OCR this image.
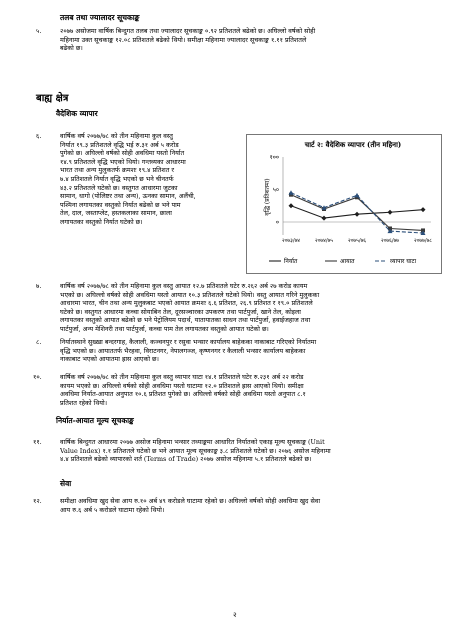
तलब तथा ज्यालादर सूचकाङ्क
५.	२०७७ असोजमा वार्षिक बिन्दुगत तलब तथा ज्यालादर सूचकाङ्क ०.९२ प्रतिशतले बढेको छ। अघिल्लो वर्षको सोही
महिनामा उक्त सूचकाङ्क १२.०८ प्रतिशतले बढेको थियो। समीक्षा महिनामा ज्यालादर सूचकाङ्क १.११ प्रतिशतले
बढेको छ।
बाह्य क्षेत्र
वैदेशिक व्यापार
६.	वार्षिक वर्ष २०७७/७८ को तीन महिनामा कुल वस्तु
निर्यात १९.३ प्रतिशतले वृद्धि भई रु.३१ अर्ब ५ करोड
पुगेको छ। अघिल्लो वर्षको सोही अवधिमा यस्तो निर्यात
१४.९ प्रतिशतले वृद्धि भएको थियो। गन्तव्यका आधारमा
भारत तथा अन्य मुलुकतर्फ क्रमशः १९.४ प्रतिशत र
७.४ प्रतिशतले निर्यात वृद्धि भएको छ भने चीनतर्फ
४३.२ प्रतिशतले घटेको छ। वस्तुगत आधारमा जुटका
सामान, धागो (पोलिष्टर तथा अन्य), ऊनका सामान, अलैंची,
पश्मिना लगायतका वस्तुको निर्यात बढेको छ भने पाम
तेल, दाल, जस्ताप्लेट, हस्तकलाका सामान, छाला
लगायतका वस्तुको निर्यात घटेको छ।
चार्ट २: वैदेशिक व्यापार (तीन महिना)
१००
५०
०
वृद्धि (प्रतिशतमा)
२०७३/७४	२०७४/७५	२०७५/७६	२०७६/७७	२०७७/७८
निर्यात	आयात	व्यापार घाटा
७.	वार्षिक वर्ष २०७७/७८ को तीन महिनामा कुल वस्तु आयात १२.७ प्रतिशतले घटेर रु.२६२ अर्ब २७ करोड कायम
भएको छ। अघिल्लो वर्षको सोही अवधिमा यस्तो आयात १०.३ प्रतिशतले घटेको थियो। वस्तु आयात गरिने मुलुकका
आधारमा भारत, चीन तथा अन्य मुलुकबाट भएको आयात क्रमशः ६.६ प्रतिशत, २६.९ प्रतिशत र १९.० प्रतिशतले
घटेको छ। वस्तुगत आधारमा कच्चा सोयाबिन तेल, दूरसञ्चारका उपकरण तथा पार्टपुर्जा, खाने तेल, कोइला
लगायतका वस्तुको आयात बढेको छ भने पेट्रोलियम पदार्थ, यातायातका साधन तथा पार्टपुर्जा, हवाईजहाज तथा
पार्टपुर्जा, अन्य मेशिनरी तथा पार्टपुर्जा, कच्चा पाम तेल लगायतका वस्तुको आयात घटेको छ।
८.	निर्यातस्थाने सुख्खा बन्दरगाह, कैलाली, कञ्चनपुर र रसुवा भन्सार कार्यालय बाहेकका नाकाबाट गरिएको निर्यातमा
वृद्धि भएको छ। आयाततर्फ भैरहवा, विराटनगर, नेपालगञ्ज, कृष्णनगर र कैलाली भन्सार कार्यालय बाहेकका
नाकाबाट भएको आयातमा ह्रास आएको छ।
१०.	वार्षिक वर्ष २०७७/७८ को तीन महिनामा कुल वस्तु व्यापार घाटा १४.१ प्रतिशतले घटेर रु.२३१ अर्ब २२ करोड
कायम भएको छ। अघिल्लो वर्षको सोही अवधिमा यस्तो घाटामा १२.० प्रतिशतले ह्रास आएको थियो। समीक्षा
अवधिमा निर्यात-आयात अनुपात १०.६ प्रतिशत पुगेको छ। अघिल्लो वर्षको सोही अवधिमा यस्तो अनुपात ८.१
प्रतिशत रहेको थियो।
निर्यात-आयात मूल्य सूचकाङ्क
११.	वार्षिक बिन्दुगत आधारमा २०७७ असोज महिनामा भन्सार तथ्याङ्कमा आधारित निर्यातको एकाइ मूल्य सूचकाङ्क (Unit
Value Index) १.१ प्रतिशतले घटेको छ भने आयात मूल्य सूचकाङ्क ३.८ प्रतिशतले घटेको छ। २०७६ असोज महिनामा
४.४ प्रतिशतले बढेको व्यापारको शर्त (Terms of Trade) २०७७ असोज महिनामा ५.१ प्रतिशतले बढेको छ।
सेवा
१२.	समीक्षा अवधिमा खुद सेवा आय रु.१० अर्ब ४९ करोडले घाटामा रहेको छ। अघिल्लो वर्षको सोही अवधिमा खुद सेवा
आय रु.६ अर्ब ५ करोडले घाटामा रहेको थियो।
२
